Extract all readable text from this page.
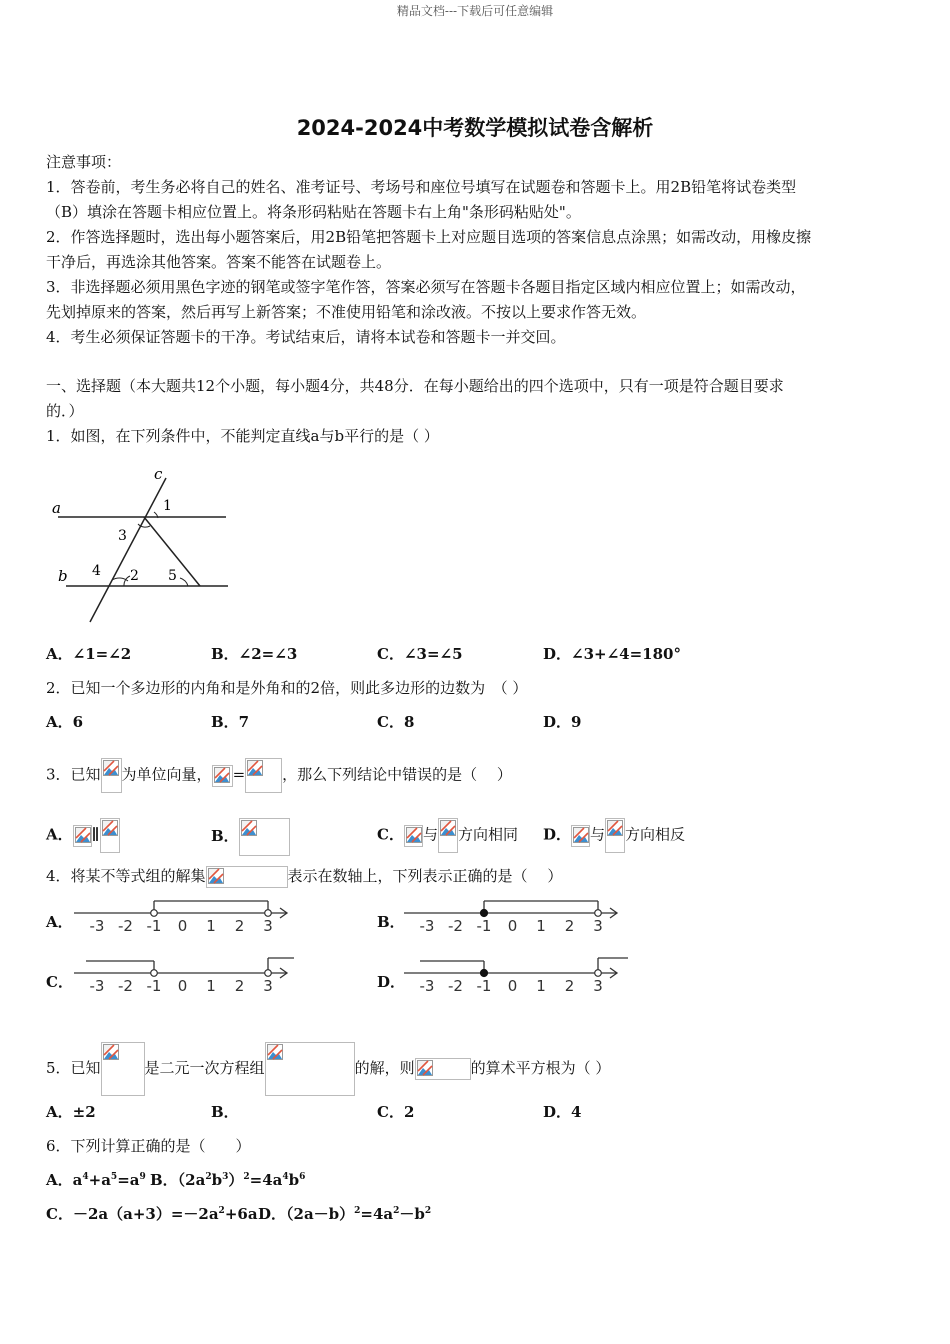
精品文档---下载后可任意编辑
2024-2024中考数学模拟试卷含解析
注意事项：
1．答卷前，考生务必将自己的姓名、准考证号、考场号和座位号填写在试题卷和答题卡上。用2B铅笔将试卷类型
（B）填涂在答题卡相应位置上。将条形码粘贴在答题卡右上角"条形码粘贴处"。
2．作答选择题时，选出每小题答案后，用2B铅笔把答题卡上对应题目选项的答案信息点涂黑；如需改动，用橡皮擦
干净后，再选涂其他答案。答案不能答在试题卷上。
3．非选择题必须用黑色字迹的钢笔或签字笔作答，答案必须写在答题卡各题目指定区域内相应位置上；如需改动，
先划掉原来的答案，然后再写上新答案；不准使用铅笔和涂改液。不按以上要求作答无效。
4．考生必须保证答题卡的干净。考试结束后，请将本试卷和答题卡一并交回。
一、选择题（本大题共12个小题，每小题4分，共48分．在每小题给出的四个选项中，只有一项是符合题目要求
的．）
1．如图，在下列条件中，不能判定直线a与b平行的是（ ）
c
a
b
1
3
4 2 5
A．∠1=∠2	B．∠2=∠3	C．∠3=∠5	D．∠3+∠4=180°
2．已知一个多边形的内角和是外角和的2倍，则此多边形的边数为　（ ）
A．6	B．7	C．8	D．9
3．已知 为单位向量， = ，那么下列结论中错误的是（　 ）
A． ∥	B．	C． 与 方向相同 D． 与 方向相反
4．将某不等式组的解集	表示在数轴上，下列表示正确的是（　 ）
A．	B．
C．	D．
-3 -2 -1 0 1 2 3	-3 -2 -1 0 1 2 3
-3 -2 -1 0 1 2 3	-3 -2 -1 0 1 2 3
5．已知	是二元一次方程组	的解，则	的算术平方根为（ ）
A．±2	B．	C．2	D．4
6．下列计算正确的是（　　）
A．$a^4+a^5=a^9$ B．$(2a^2b^3)^2=4a^4b^6$
C．$-2a(a+3)=-2a^2+6a$ D．$(2a-b)^2=4a^2-b^2$
